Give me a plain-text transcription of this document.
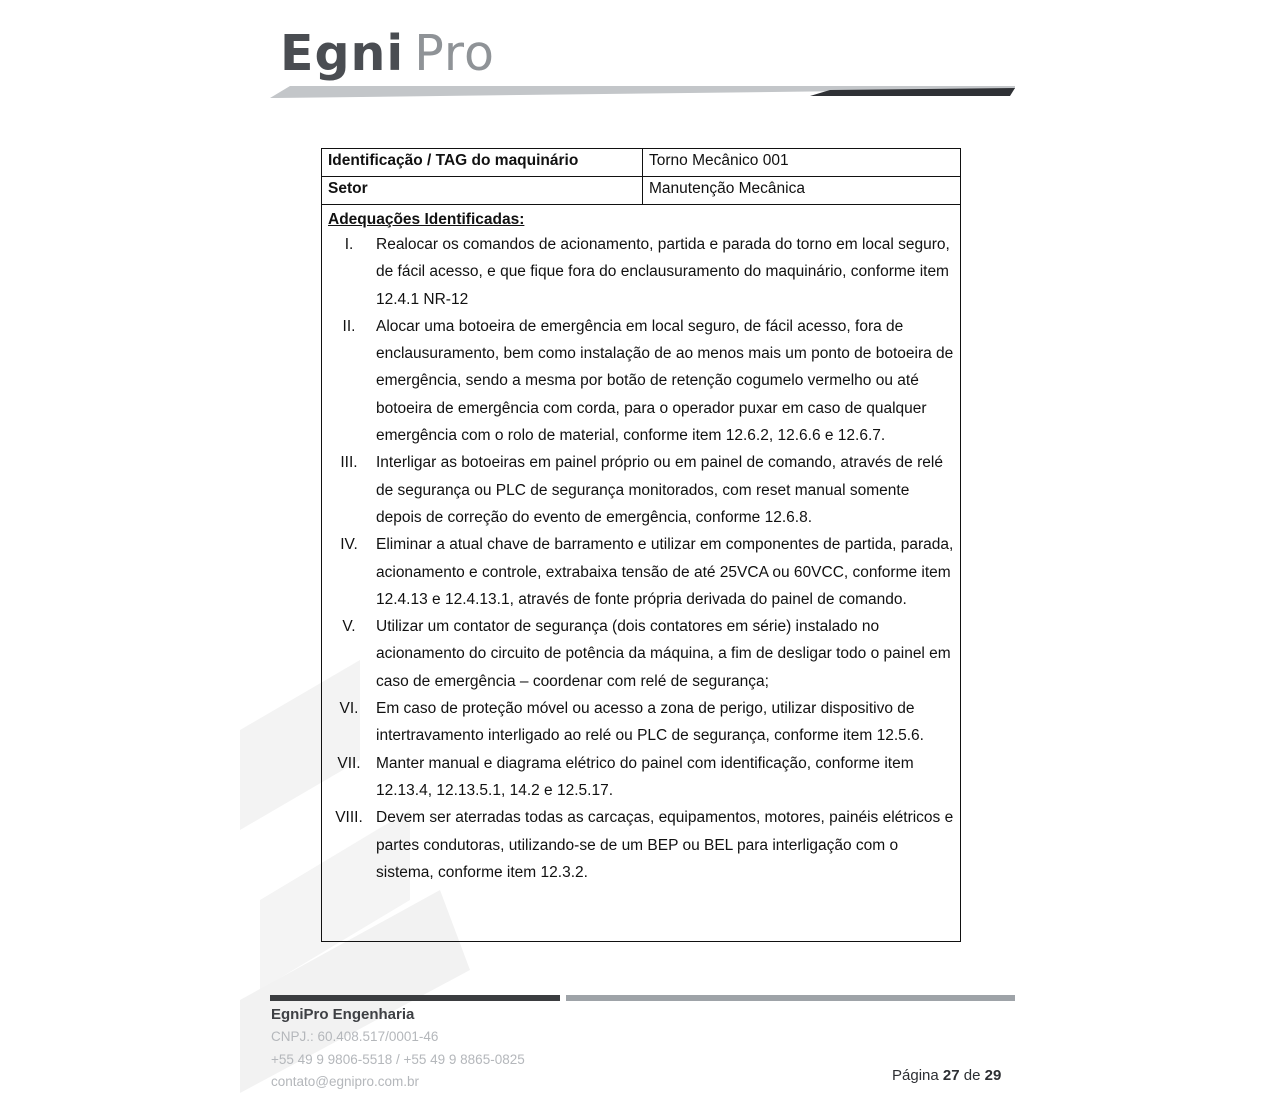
Egni Pro
Identificação / TAG do maquinário	Torno Mecânico 001
Setor	Manutenção Mecânica
Adequações Identificadas:
I.	Realocar os comandos de acionamento, partida e parada do torno em local seguro, de fácil acesso, e que fique fora do enclausuramento do maquinário, conforme item 12.4.1 NR-12
II.	Alocar uma botoeira de emergência em local seguro, de fácil acesso, fora de enclausuramento, bem como instalação de ao menos mais um ponto de botoeira de emergência, sendo a mesma por botão de retenção cogumelo vermelho ou até botoeira de emergência com corda, para o operador puxar em caso de qualquer emergência com o rolo de material, conforme item 12.6.2, 12.6.6 e 12.6.7.
III.	Interligar as botoeiras em painel próprio ou em painel de comando, através de relé de segurança ou PLC de segurança monitorados, com reset manual somente depois de correção do evento de emergência, conforme 12.6.8.
IV.	Eliminar a atual chave de barramento e utilizar em componentes de partida, parada, acionamento e controle, extrabaixa tensão de até 25VCA ou 60VCC, conforme item 12.4.13 e 12.4.13.1, através de fonte própria derivada do painel de comando.
V.	Utilizar um contator de segurança (dois contatores em série) instalado no acionamento do circuito de potência da máquina, a fim de desligar todo o painel em caso de emergência – coordenar com relé de segurança;
VI.	Em caso de proteção móvel ou acesso a zona de perigo, utilizar dispositivo de intertravamento interligado ao relé ou PLC de segurança, conforme item 12.5.6.
VII. Manter manual e diagrama elétrico do painel com identificação, conforme item 12.13.4, 12.13.5.1, 14.2 e 12.5.17.
VIII. Devem ser aterradas todas as carcaças, equipamentos, motores, painéis elétricos e partes condutoras, utilizando-se de um BEP ou BEL para interligação com o sistema, conforme item 12.3.2.
EgniPro Engenharia
CNPJ.: 60.408.517/0001-46
+55 49 9 9806-5518 / +55 49 9 8865-0825
contato@egnipro.com.br	Página 27 de 29
